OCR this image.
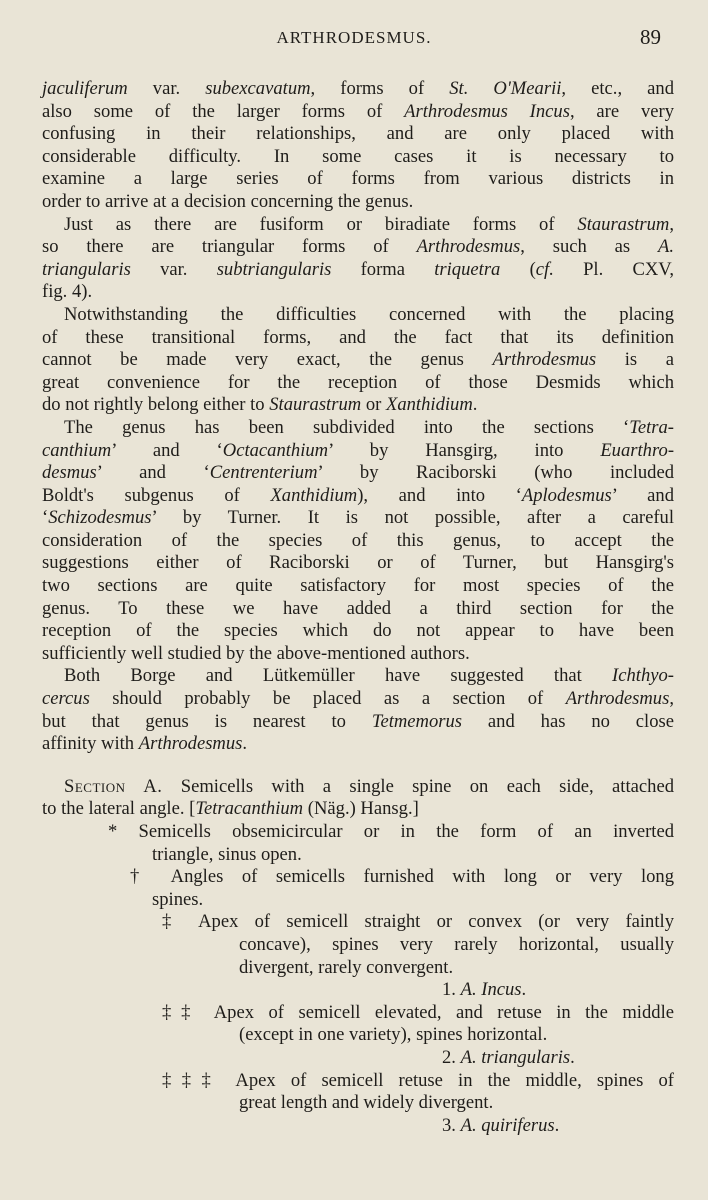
ARTHRODESMUS.	89
jaculiferum var. subexcavatum, forms of St. O'Mearii, etc., and
also some of the larger forms of Arthrodesmus Incus, are very
confusing in their relationships, and are only placed with
considerable difficulty. In some cases it is necessary to
examine a large series of forms from various districts in
order to arrive at a decision concerning the genus.
Just as there are fusiform or biradiate forms of Staurastrum,
so there are triangular forms of Arthrodesmus, such as A.
triangularis var. subtriangularis forma triquetra (cf. Pl. CXV,
fig. 4).
Notwithstanding the difficulties concerned with the placing
of these transitional forms, and the fact that its definition
cannot be made very exact, the genus Arthrodesmus is a
great convenience for the reception of those Desmids which
do not rightly belong either to Staurastrum or Xanthidium.
The genus has been subdivided into the sections ‘Tetra-
canthium’ and ‘Octacanthium’ by Hansgirg, into Euarthro-
desmus’ and ‘Centrenterium’ by Raciborski (who included
Boldt's subgenus of Xanthidium), and into ‘Aplodesmus’ and
‘Schizodesmus’ by Turner. It is not possible, after a careful
consideration of the species of this genus, to accept the
suggestions either of Raciborski or of Turner, but Hansgirg's
two sections are quite satisfactory for most species of the
genus. To these we have added a third section for the
reception of the species which do not appear to have been
sufficiently well studied by the above-mentioned authors.
Both Borge and Lütkemüller have suggested that Ichthyo-
cercus should probably be placed as a section of Arthrodesmus,
but that genus is nearest to Tetmemorus and has no close
affinity with Arthrodesmus.
Section A. Semicells with a single spine on each side, attached
to the lateral angle. [Tetracanthium (Näg.) Hansg.]
* Semicells obsemicircular or in the form of an inverted
triangle, sinus open.
† Angles of semicells furnished with long or very long
spines.
‡ Apex of semicell straight or convex (or very faintly
concave), spines very rarely horizontal, usually
divergent, rarely convergent.
1. A. Incus.
‡‡ Apex of semicell elevated, and retuse in the middle
(except in one variety), spines horizontal.
2. A. triangularis.
‡‡‡ Apex of semicell retuse in the middle, spines of
great length and widely divergent.
3. A. quiriferus.
